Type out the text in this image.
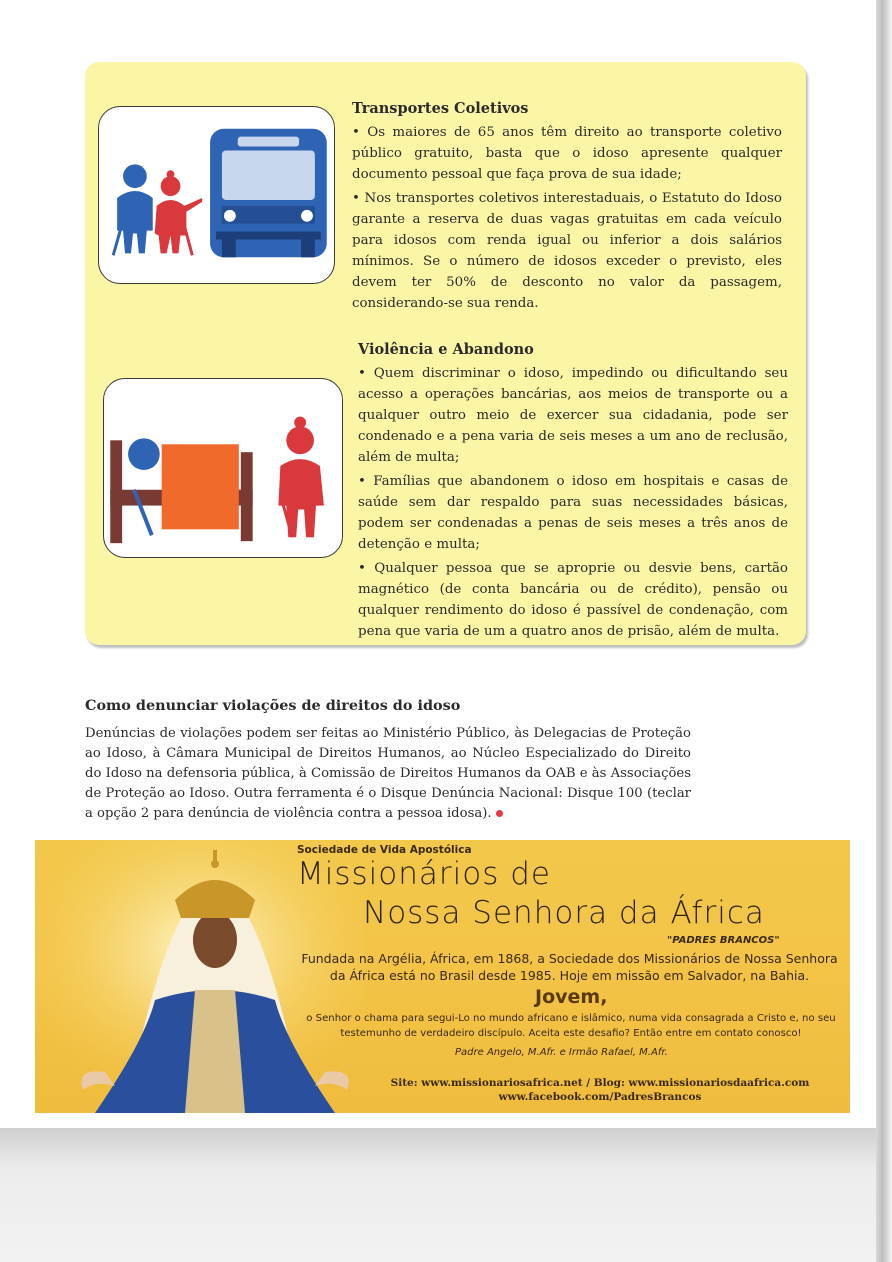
Transportes Coletivos

• Os maiores de 65 anos têm direito ao transporte coletivo público gratuito, basta que o idoso apresente qualquer documento pessoal que faça prova de sua idade;

• Nos transportes coletivos interestaduais, o Estatuto do Idoso garante a reserva de duas vagas gratuitas em cada veículo para idosos com renda igual ou inferior a dois salários mínimos. Se o número de idosos exceder o previsto, eles devem ter 50% de desconto no valor da passagem, considerando-se sua renda.

Violência e Abandono

• Quem discriminar o idoso, impedindo ou dificultando seu acesso a operações bancárias, aos meios de transporte ou a qualquer outro meio de exercer sua cidadania, pode ser condenado e a pena varia de seis meses a um ano de reclusão, além de multa;

• Famílias que abandonem o idoso em hospitais e casas de saúde sem dar respaldo para suas necessidades básicas, podem ser condenadas a penas de seis meses a três anos de detenção e multa;

• Qualquer pessoa que se aproprie ou desvie bens, cartão magnético (de conta bancária ou de crédito), pensão ou qualquer rendimento do idoso é passível de condenação, com pena que varia de um a quatro anos de prisão, além de multa.

Como denunciar violações de direitos do idoso

Denúncias de violações podem ser feitas ao Ministério Público, às Delegacias de Proteção ao Idoso, à Câmara Municipal de Direitos Humanos, ao Núcleo Especializado do Direito do Idoso na defensoria pública, à Comissão de Direitos Humanos da OAB e às Associações de Proteção ao Idoso. Outra ferramenta é o Disque Denúncia Nacional: Disque 100 (teclar a opção 2 para denúncia de violência contra a pessoa idosa).

Sociedade de Vida Apostólica
Missionários de
Nossa Senhora da África
"PADRES BRANCOS"
Fundada na Argélia, África, em 1868, a Sociedade dos Missionários de Nossa Senhora da África está no Brasil desde 1985. Hoje em missão em Salvador, na Bahia.
Jovem,
o Senhor o chama para segui-Lo no mundo africano e islâmico, numa vida consagrada a Cristo e, no seu testemunho de verdadeiro discípulo. Aceita este desafio? Então entre em contato conosco!
Padre Angelo, M.Afr. e Irmão Rafael, M.Afr.
Site: www.missionariosafrica.net / Blog: www.missionariosdaafrica.com
www.facebook.com/PadresBrancos
